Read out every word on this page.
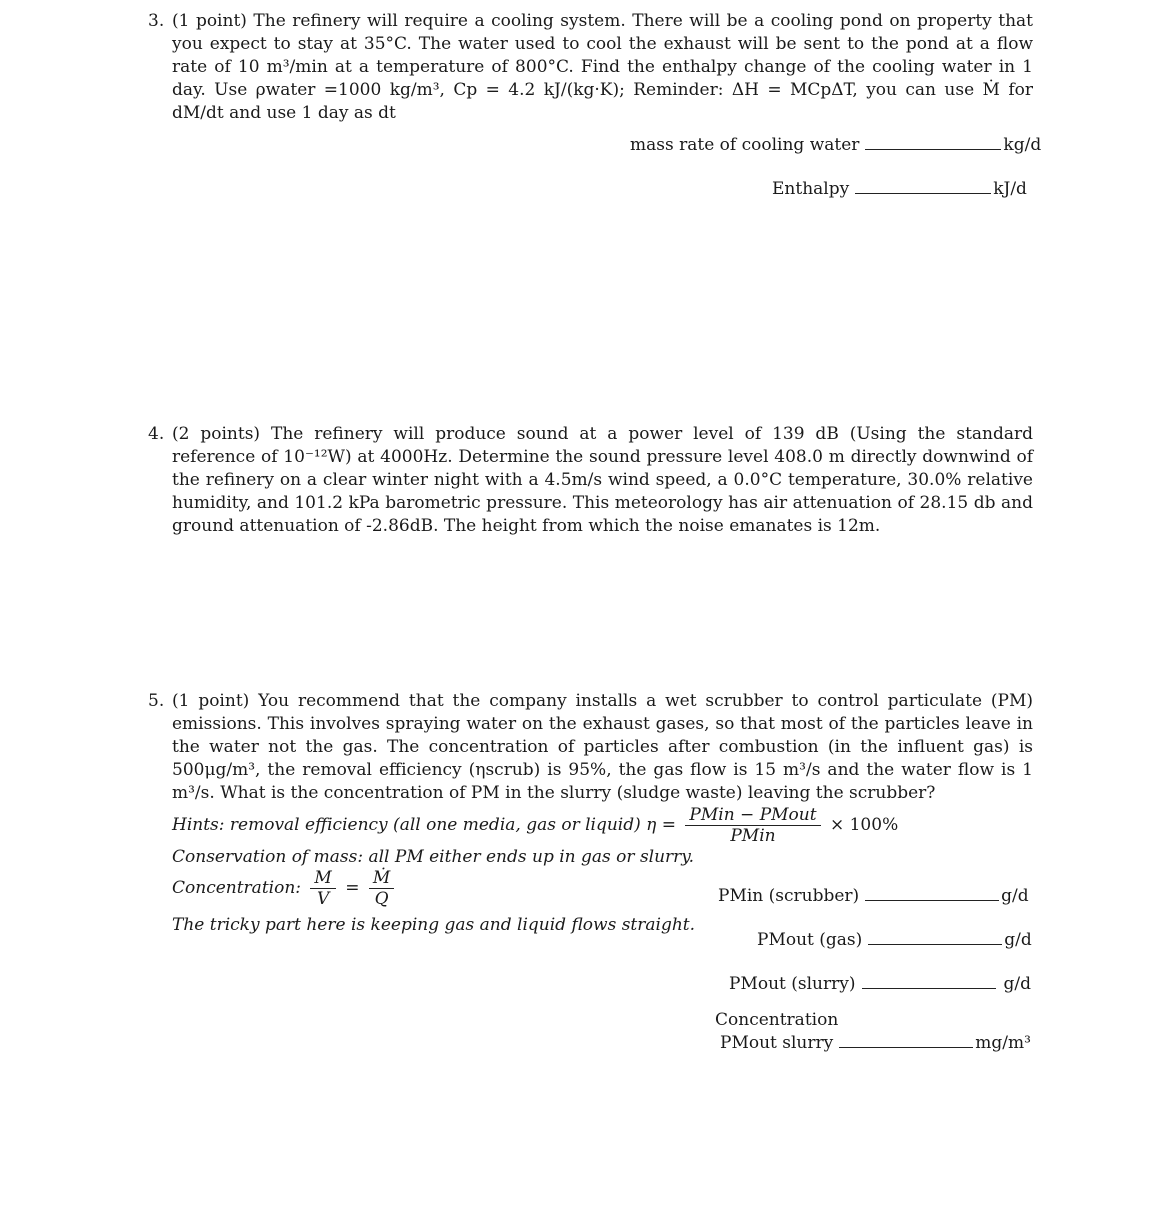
3. (1 point) The refinery will require a cooling system. There will be a cooling pond on property that you expect to stay at 35°C. The water used to cool the exhaust will be sent to the pond at a flow rate of 10 m³/min at a temperature of 800°C. Find the enthalpy change of the cooling water in 1 day. Use ρwater =1000 kg/m³, Cp = 4.2 kJ/(kg·K); Reminder: ΔH = MCpΔT, you can use Ṁ for dM/dt and use 1 day as dt
mass rate of cooling water	kg/d
Enthalpy	kJ/d
4. (2 points) The refinery will produce sound at a power level of 139 dB (Using the standard reference of 10⁻¹²W) at 4000Hz. Determine the sound pressure level 408.0 m directly downwind of the refinery on a clear winter night with a 4.5m/s wind speed, a 0.0°C temperature, 30.0% relative humidity, and 101.2 kPa barometric pressure. This meteorology has air attenuation of 28.15 db and ground attenuation of -2.86dB. The height from which the noise emanates is 12m.
5. (1 point) You recommend that the company installs a wet scrubber to control particulate (PM) emissions. This involves spraying water on the exhaust gases, so that most of the particles leave in the water not the gas. The concentration of particles after combustion (in the influent gas) is 500μg/m³, the removal efficiency (ηscrub) is 95%, the gas flow is 15 m³/s and the water flow is 1 m³/s. What is the concentration of PM in the slurry (sludge waste) leaving the scrubber?
Hints: removal efficiency (all one media, gas or liquid) $\eta = \frac{\text{PMin − PMout}}{\text{PMin}} \times 100\%$
Conservation of mass: all PM either ends up in gas or slurry.
Concentration: $\frac{M}{V} = \frac{\text{Ṁ}}{Q}$
The tricky part here is keeping gas and liquid flows straight.
PMin (scrubber)	g/d
PMout (gas)	g/d
PMout (slurry)	g/d
Concentration
PMout slurry	mg/m³
